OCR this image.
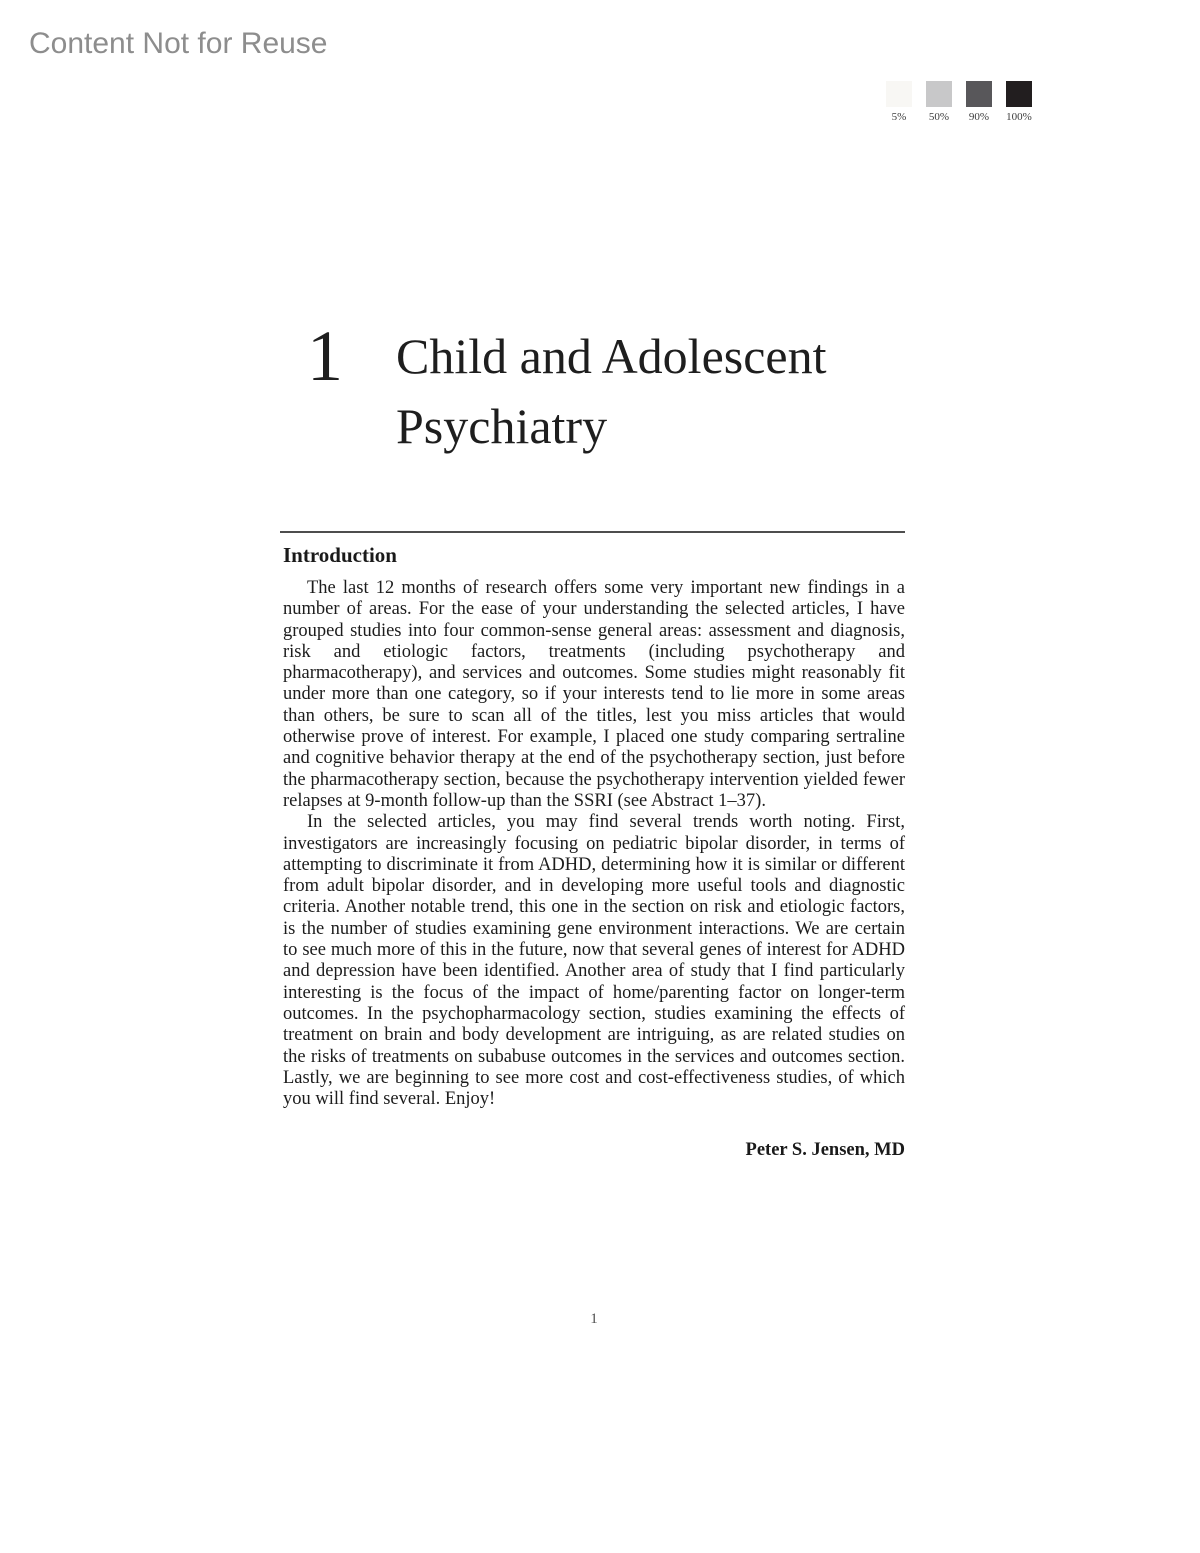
Content Not for Reuse
5%	50% 90% 100%
1 Child and Adolescent Psychiatry
Introduction

The last 12 months of research offers some very important new findings in a number of areas. For the ease of your understanding the selected articles, I have grouped studies into four common-sense general areas: assessment and diagnosis, risk and etiologic factors, treatments (including psychotherapy and pharmacotherapy), and services and outcomes. Some studies might reasonably fit under more than one category, so if your interests tend to lie more in some areas than others, be sure to scan all of the titles, lest you miss articles that would otherwise prove of interest. For example, I placed one study comparing sertraline and cognitive behavior therapy at the end of the psychotherapy section, just before the pharmacotherapy section, because the psychotherapy intervention yielded fewer relapses at 9-month follow-up than the SSRI (see Abstract 1–37).

In the selected articles, you may find several trends worth noting. First, investigators are increasingly focusing on pediatric bipolar disorder, in terms of attempting to discriminate it from ADHD, determining how it is similar or different from adult bipolar disorder, and in developing more useful tools and diagnostic criteria. Another notable trend, this one in the section on risk and etiologic factors, is the number of studies examining gene environment interactions. We are certain to see much more of this in the future, now that several genes of interest for ADHD and depression have been identified. Another area of study that I find particularly interesting is the focus of the impact of home/parenting factor on longer-term outcomes. In the psychopharmacology section, studies examining the effects of treatment on brain and body development are intriguing, as are related studies on the risks of treatments on subabuse outcomes in the services and outcomes section. Lastly, we are beginning to see more cost and cost-effectiveness studies, of which you will find several. Enjoy!

Peter S. Jensen, MD
1
